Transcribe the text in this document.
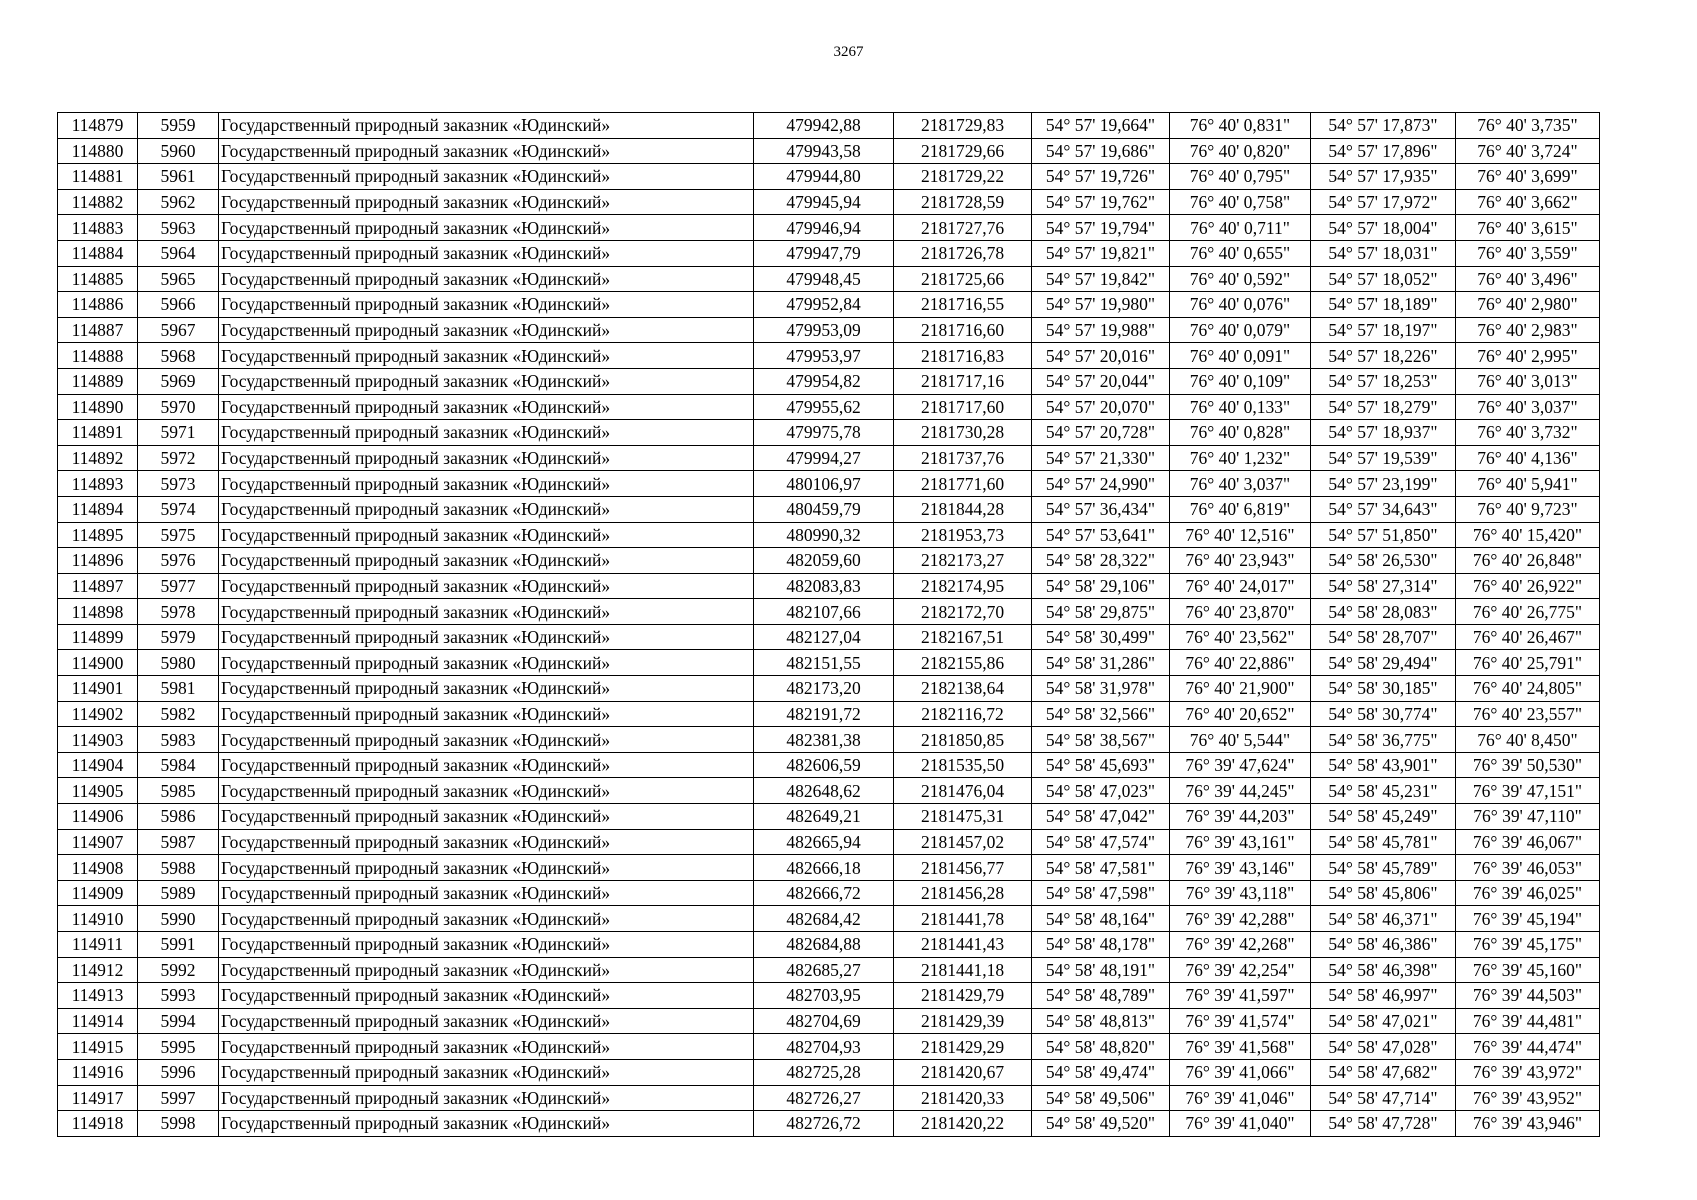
3267
114879	5959	Государственный природный заказник «Юдинский»	479942,88	2181729,83	54° 57' 19,664"	76° 40' 0,831"	54° 57' 17,873"	76° 40' 3,735"
114880	5960	Государственный природный заказник «Юдинский»	479943,58	2181729,66	54° 57' 19,686"	76° 40' 0,820"	54° 57' 17,896"	76° 40' 3,724"
114881	5961	Государственный природный заказник «Юдинский»	479944,80	2181729,22	54° 57' 19,726"	76° 40' 0,795"	54° 57' 17,935"	76° 40' 3,699"
114882	5962	Государственный природный заказник «Юдинский»	479945,94	2181728,59	54° 57' 19,762"	76° 40' 0,758"	54° 57' 17,972"	76° 40' 3,662"
114883	5963	Государственный природный заказник «Юдинский»	479946,94	2181727,76	54° 57' 19,794"	76° 40' 0,711"	54° 57' 18,004"	76° 40' 3,615"
114884	5964	Государственный природный заказник «Юдинский»	479947,79	2181726,78	54° 57' 19,821"	76° 40' 0,655"	54° 57' 18,031"	76° 40' 3,559"
114885	5965	Государственный природный заказник «Юдинский»	479948,45	2181725,66	54° 57' 19,842"	76° 40' 0,592"	54° 57' 18,052"	76° 40' 3,496"
114886	5966	Государственный природный заказник «Юдинский»	479952,84	2181716,55	54° 57' 19,980"	76° 40' 0,076"	54° 57' 18,189"	76° 40' 2,980"
114887	5967	Государственный природный заказник «Юдинский»	479953,09	2181716,60	54° 57' 19,988"	76° 40' 0,079"	54° 57' 18,197"	76° 40' 2,983"
114888	5968	Государственный природный заказник «Юдинский»	479953,97	2181716,83	54° 57' 20,016"	76° 40' 0,091"	54° 57' 18,226"	76° 40' 2,995"
114889	5969	Государственный природный заказник «Юдинский»	479954,82	2181717,16	54° 57' 20,044"	76° 40' 0,109"	54° 57' 18,253"	76° 40' 3,013"
114890	5970	Государственный природный заказник «Юдинский»	479955,62	2181717,60	54° 57' 20,070"	76° 40' 0,133"	54° 57' 18,279"	76° 40' 3,037"
114891	5971	Государственный природный заказник «Юдинский»	479975,78	2181730,28	54° 57' 20,728"	76° 40' 0,828"	54° 57' 18,937"	76° 40' 3,732"
114892	5972	Государственный природный заказник «Юдинский»	479994,27	2181737,76	54° 57' 21,330"	76° 40' 1,232"	54° 57' 19,539"	76° 40' 4,136"
114893	5973	Государственный природный заказник «Юдинский»	480106,97	2181771,60	54° 57' 24,990"	76° 40' 3,037"	54° 57' 23,199"	76° 40' 5,941"
114894	5974	Государственный природный заказник «Юдинский»	480459,79	2181844,28	54° 57' 36,434"	76° 40' 6,819"	54° 57' 34,643"	76° 40' 9,723"
114895	5975	Государственный природный заказник «Юдинский»	480990,32	2181953,73	54° 57' 53,641"	76° 40' 12,516"	54° 57' 51,850"	76° 40' 15,420"
114896	5976	Государственный природный заказник «Юдинский»	482059,60	2182173,27	54° 58' 28,322"	76° 40' 23,943"	54° 58' 26,530"	76° 40' 26,848"
114897	5977	Государственный природный заказник «Юдинский»	482083,83	2182174,95	54° 58' 29,106"	76° 40' 24,017"	54° 58' 27,314"	76° 40' 26,922"
114898	5978	Государственный природный заказник «Юдинский»	482107,66	2182172,70	54° 58' 29,875"	76° 40' 23,870"	54° 58' 28,083"	76° 40' 26,775"
114899	5979	Государственный природный заказник «Юдинский»	482127,04	2182167,51	54° 58' 30,499"	76° 40' 23,562"	54° 58' 28,707"	76° 40' 26,467"
114900	5980	Государственный природный заказник «Юдинский»	482151,55	2182155,86	54° 58' 31,286"	76° 40' 22,886"	54° 58' 29,494"	76° 40' 25,791"
114901	5981	Государственный природный заказник «Юдинский»	482173,20	2182138,64	54° 58' 31,978"	76° 40' 21,900"	54° 58' 30,185"	76° 40' 24,805"
114902	5982	Государственный природный заказник «Юдинский»	482191,72	2182116,72	54° 58' 32,566"	76° 40' 20,652"	54° 58' 30,774"	76° 40' 23,557"
114903	5983	Государственный природный заказник «Юдинский»	482381,38	2181850,85	54° 58' 38,567"	76° 40' 5,544"	54° 58' 36,775"	76° 40' 8,450"
114904	5984	Государственный природный заказник «Юдинский»	482606,59	2181535,50	54° 58' 45,693"	76° 39' 47,624"	54° 58' 43,901"	76° 39' 50,530"
114905	5985	Государственный природный заказник «Юдинский»	482648,62	2181476,04	54° 58' 47,023"	76° 39' 44,245"	54° 58' 45,231"	76° 39' 47,151"
114906	5986	Государственный природный заказник «Юдинский»	482649,21	2181475,31	54° 58' 47,042"	76° 39' 44,203"	54° 58' 45,249"	76° 39' 47,110"
114907	5987	Государственный природный заказник «Юдинский»	482665,94	2181457,02	54° 58' 47,574"	76° 39' 43,161"	54° 58' 45,781"	76° 39' 46,067"
114908	5988	Государственный природный заказник «Юдинский»	482666,18	2181456,77	54° 58' 47,581"	76° 39' 43,146"	54° 58' 45,789"	76° 39' 46,053"
114909	5989	Государственный природный заказник «Юдинский»	482666,72	2181456,28	54° 58' 47,598"	76° 39' 43,118"	54° 58' 45,806"	76° 39' 46,025"
114910	5990	Государственный природный заказник «Юдинский»	482684,42	2181441,78	54° 58' 48,164"	76° 39' 42,288"	54° 58' 46,371"	76° 39' 45,194"
114911	5991	Государственный природный заказник «Юдинский»	482684,88	2181441,43	54° 58' 48,178"	76° 39' 42,268"	54° 58' 46,386"	76° 39' 45,175"
114912	5992	Государственный природный заказник «Юдинский»	482685,27	2181441,18	54° 58' 48,191"	76° 39' 42,254"	54° 58' 46,398"	76° 39' 45,160"
114913	5993	Государственный природный заказник «Юдинский»	482703,95	2181429,79	54° 58' 48,789"	76° 39' 41,597"	54° 58' 46,997"	76° 39' 44,503"
114914	5994	Государственный природный заказник «Юдинский»	482704,69	2181429,39	54° 58' 48,813"	76° 39' 41,574"	54° 58' 47,021"	76° 39' 44,481"
114915	5995	Государственный природный заказник «Юдинский»	482704,93	2181429,29	54° 58' 48,820"	76° 39' 41,568"	54° 58' 47,028"	76° 39' 44,474"
114916	5996	Государственный природный заказник «Юдинский»	482725,28	2181420,67	54° 58' 49,474"	76° 39' 41,066"	54° 58' 47,682"	76° 39' 43,972"
114917	5997	Государственный природный заказник «Юдинский»	482726,27	2181420,33	54° 58' 49,506"	76° 39' 41,046"	54° 58' 47,714"	76° 39' 43,952"
114918	5998	Государственный природный заказник «Юдинский»	482726,72	2181420,22	54° 58' 49,520"	76° 39' 41,040"	54° 58' 47,728"	76° 39' 43,946"
